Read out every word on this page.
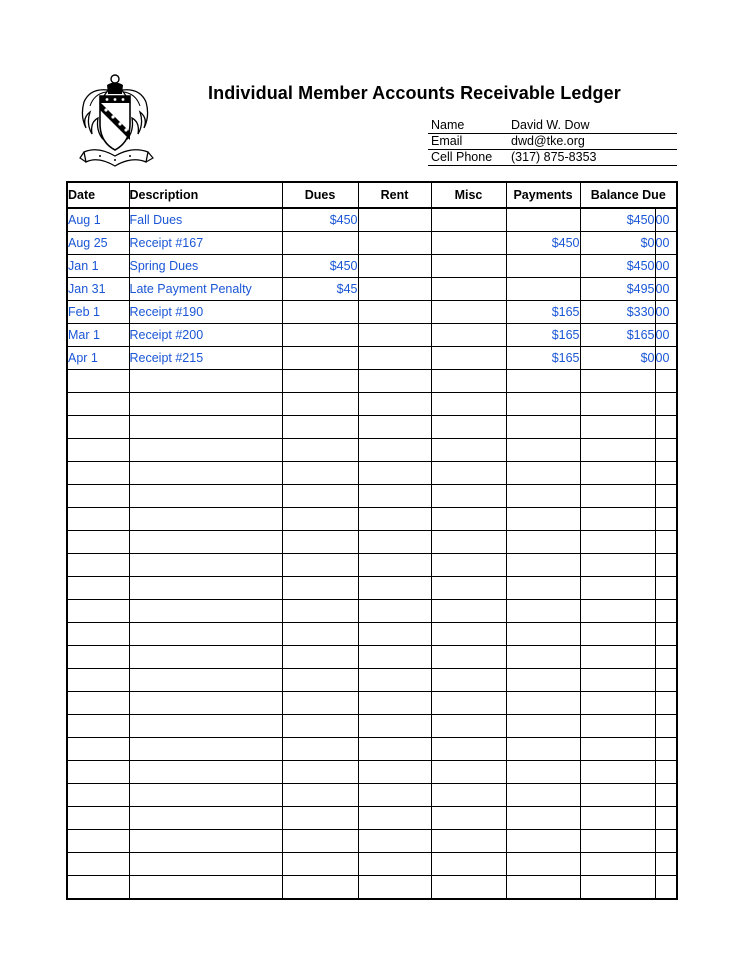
Individual Member Accounts Receivable Ledger
Name	David W. Dow
Email	dwd@tke.org
Cell Phone	(317) 875-8353
Date	Description	Dues	Rent	Misc	Payments	Balance Due	
Aug 1	Fall Dues	$450				$450	00
Aug 25	Receipt #167				$450	$0	00
Jan 1	Spring Dues	$450				$450	00
Jan 31	Late Payment Penalty	$45				$495	00
Feb 1	Receipt #190				$165	$330	00
Mar 1	Receipt #200				$165	$165	00
Apr 1	Receipt #215				$165	$0	00
